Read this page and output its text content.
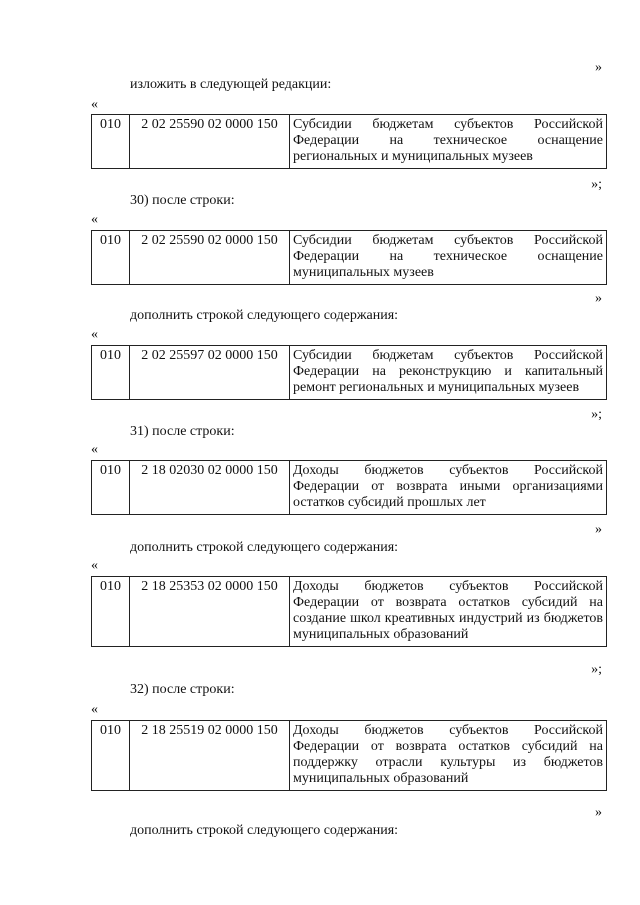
»
изложить в следующей редакции:
«
010	2 02 25590 02 0000 150	Субсидии бюджетам субъектов Российской Федерации на техническое оснащение региональных и муниципальных музеев
»;
30) после строки:
«
010	2 02 25590 02 0000 150	Субсидии бюджетам субъектов Российской Федерации на техническое оснащение муниципальных музеев
»
дополнить строкой следующего содержания:
«
010	2 02 25597 02 0000 150	Субсидии бюджетам субъектов Российской Федерации на реконструкцию и капитальный ремонт региональных и муниципальных музеев
»;
31) после строки:
«
010	2 18 02030 02 0000 150	Доходы бюджетов субъектов Российской Федерации от возврата иными организациями остатков субсидий прошлых лет
»
дополнить строкой следующего содержания:
«
010	2 18 25353 02 0000 150	Доходы бюджетов субъектов Российской Федерации от возврата остатков субсидий на создание школ креативных индустрий из бюджетов муниципальных образований
»;
32) после строки:
«
010	2 18 25519 02 0000 150	Доходы бюджетов субъектов Российской Федерации от возврата остатков субсидий на поддержку отрасли культуры из бюджетов муниципальных образований
»
дополнить строкой следующего содержания:
